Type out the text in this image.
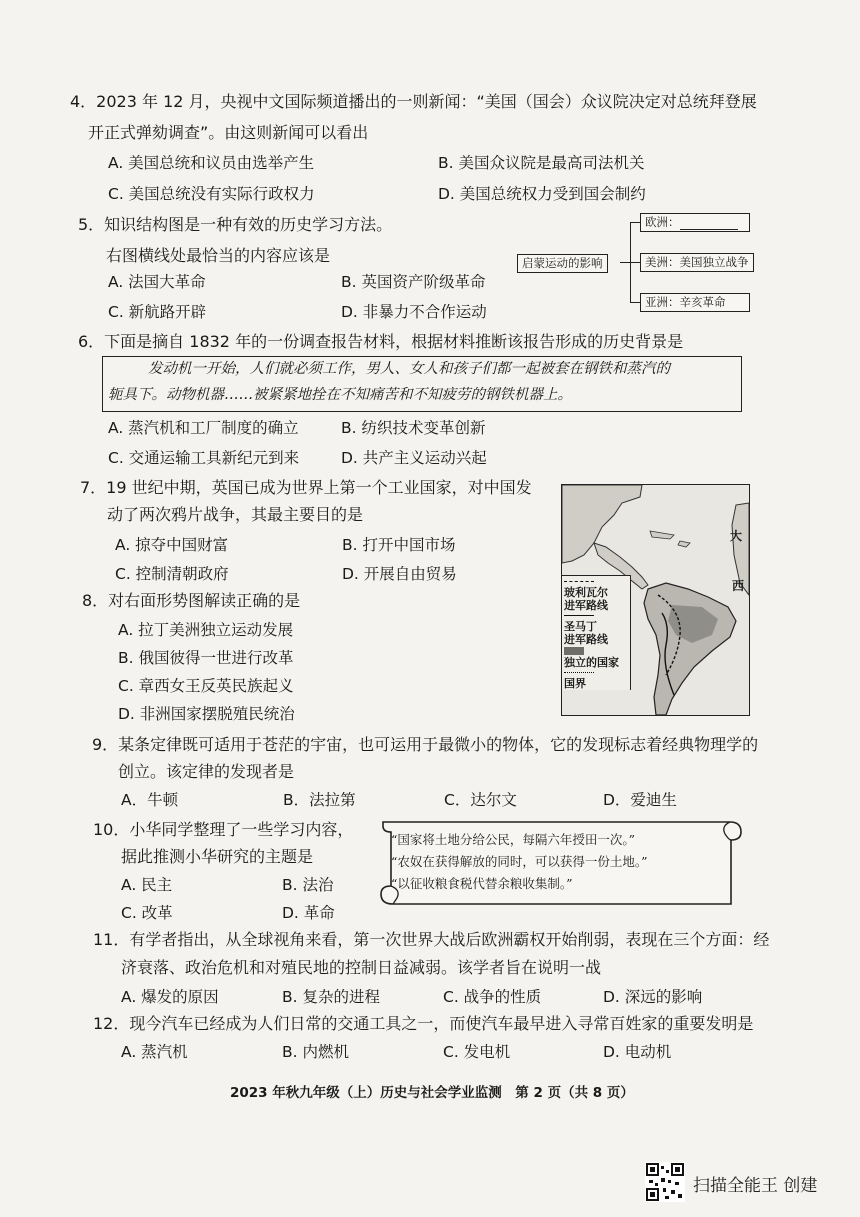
4．2023 年 12 月，央视中文国际频道播出的一则新闻：“美国（国会）众议院决定对总统拜登展
开正式弹劾调查”。由这则新闻可以看出
A. 美国总统和议员由选举产生	B. 美国众议院是最高司法机关
C. 美国总统没有实际行政权力	D. 美国总统权力受到国会制约
5．知识结构图是一种有效的历史学习方法。
右图横线处最恰当的内容应该是
A. 法国大革命	B. 英国资产阶级革命
C. 新航路开辟	D. 非暴力不合作运动
启蒙运动的影响
欧洲：
美洲：美国独立战争
亚洲：辛亥革命
6．下面是摘自 1832 年的一份调查报告材料，根据材料推断该报告形成的历史背景是
发动机一开始，人们就必须工作，男人、女人和孩子们都一起被套在钢铁和蒸汽的
轭具下。动物机器……被紧紧地拴在不知痛苦和不知疲劳的钢铁机器上。
A. 蒸汽机和工厂制度的确立	B. 纺织技术变革创新
C. 交通运输工具新纪元到来	D. 共产主义运动兴起
7．19 世纪中期，英国已成为世界上第一个工业国家，对中国发
动了两次鸦片战争，其最主要目的是
A. 掠夺中国财富	B. 打开中国市场
C. 控制清朝政府	D. 开展自由贸易
8．对右面形势图解读正确的是
A. 拉丁美洲独立运动发展
B. 俄国彼得一世进行改革
C. 章西女王反英民族起义
D. 非洲国家摆脱殖民统治
大
西
玻利瓦尔
进军路线
圣马丁
进军路线
独立的国家
国界
9．某条定律既可适用于苍茫的宇宙，也可运用于最微小的物体，它的发现标志着经典物理学的
创立。该定律的发现者是
A．牛顿	B．法拉第	C．达尔文	D．爱迪生
10．小华同学整理了一些学习内容，
据此推测小华研究的主题是
A. 民主	B. 法治
C. 改革	D. 革命
“国家将土地分给公民，每隔六年授田一次。”
“农奴在获得解放的同时，可以获得一份土地。”
“以征收粮食税代替余粮收集制。”
11．有学者指出，从全球视角来看，第一次世界大战后欧洲霸权开始削弱，表现在三个方面：经
济衰落、政治危机和对殖民地的控制日益减弱。该学者旨在说明一战
A. 爆发的原因	B. 复杂的进程	C. 战争的性质	D. 深远的影响
12．现今汽车已经成为人们日常的交通工具之一，而使汽车最早进入寻常百姓家的重要发明是
A. 蒸汽机	B. 内燃机	C. 发电机	D. 电动机
2023 年秋九年级（上）历史与社会学业监测　第 2 页（共 8 页）
扫描全能王 创建
